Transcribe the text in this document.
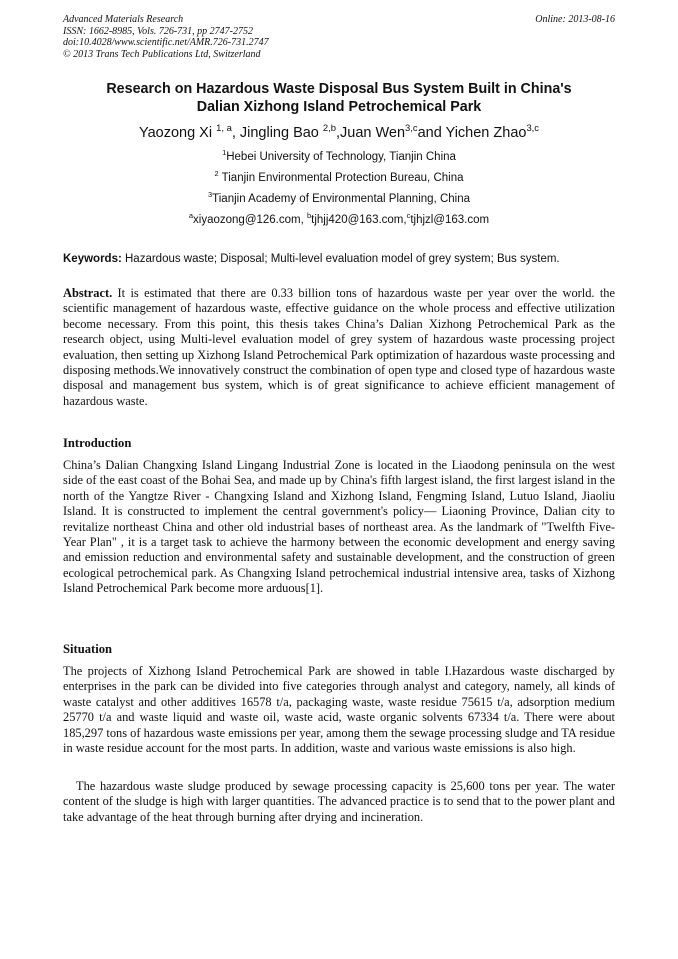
Advanced Materials Research
ISSN: 1662-8985, Vols. 726-731, pp 2747-2752
doi:10.4028/www.scientific.net/AMR.726-731.2747
© 2013 Trans Tech Publications Ltd, Switzerland
Online: 2013-08-16
Research on Hazardous Waste Disposal Bus System Built in China's
Dalian Xizhong Island Petrochemical Park
Yaozong Xi $^{1, a}$, Jingling Bao $^{2,b}$,Juan Wen$^{3,c}$and Yichen Zhao$^{3,c}$
$^1$Hebei University of Technology, Tianjin China
$^2$ Tianjin Environmental Protection Bureau, China
$^3$Tianjin Academy of Environmental Planning, China
$^a$xiyaozong@126.com, $^b$tjhjj420@163.com,$^c$tjhjzl@163.com
Keywords: Hazardous waste; Disposal; Multi-level evaluation model of grey system; Bus system.
Abstract. It is estimated that there are 0.33 billion tons of hazardous waste per year over the world. the scientific management of hazardous waste, effective guidance on the whole process and effective utilization become necessary. From this point, this thesis takes China’s Dalian Xizhong Petrochemical Park as the research object, using Multi-level evaluation model of grey system of hazardous waste processing project evaluation, then setting up Xizhong Island Petrochemical Park optimization of hazardous waste processing and disposing methods.We innovatively construct the combination of open type and closed type of hazardous waste disposal and management bus system, which is of great significance to achieve efficient management of hazardous waste.
Introduction
China’s Dalian Changxing Island Lingang Industrial Zone is located in the Liaodong peninsula on the west side of the east coast of the Bohai Sea, and made up by China's fifth largest island, the first largest island in the north of the Yangtze River - Changxing Island and Xizhong Island, Fengming Island, Lutuo Island, Jiaoliu Island. It is constructed to implement the central government's policy— Liaoning Province, Dalian city to revitalize northeast China and other old industrial bases of northeast area. As the landmark of "Twelfth Five-Year Plan" , it is a target task to achieve the harmony between the economic development and energy saving and emission reduction and environmental safety and sustainable development, and the construction of green ecological petrochemical park. As Changxing Island petrochemical industrial intensive area, tasks of Xizhong Island Petrochemical Park become more arduous[1].
Situation
The projects of Xizhong Island Petrochemical Park are showed in table I.Hazardous waste discharged by enterprises in the park can be divided into five categories through analyst and category, namely, all kinds of waste catalyst and other additives 16578 t/a, packaging waste, waste residue 75615 t/a, adsorption medium 25770 t/a and waste liquid and waste oil, waste acid, waste organic solvents 67334 t/a. There were about 185,297 tons of hazardous waste emissions per year, among them the sewage processing sludge and TA residue in waste residue account for the most parts. In addition, waste and various waste emissions is also high.
The hazardous waste sludge produced by sewage processing capacity is 25,600 tons per year. The water content of the sludge is high with larger quantities. The advanced practice is to send that to the power plant and take advantage of the heat through burning after drying and incineration.
